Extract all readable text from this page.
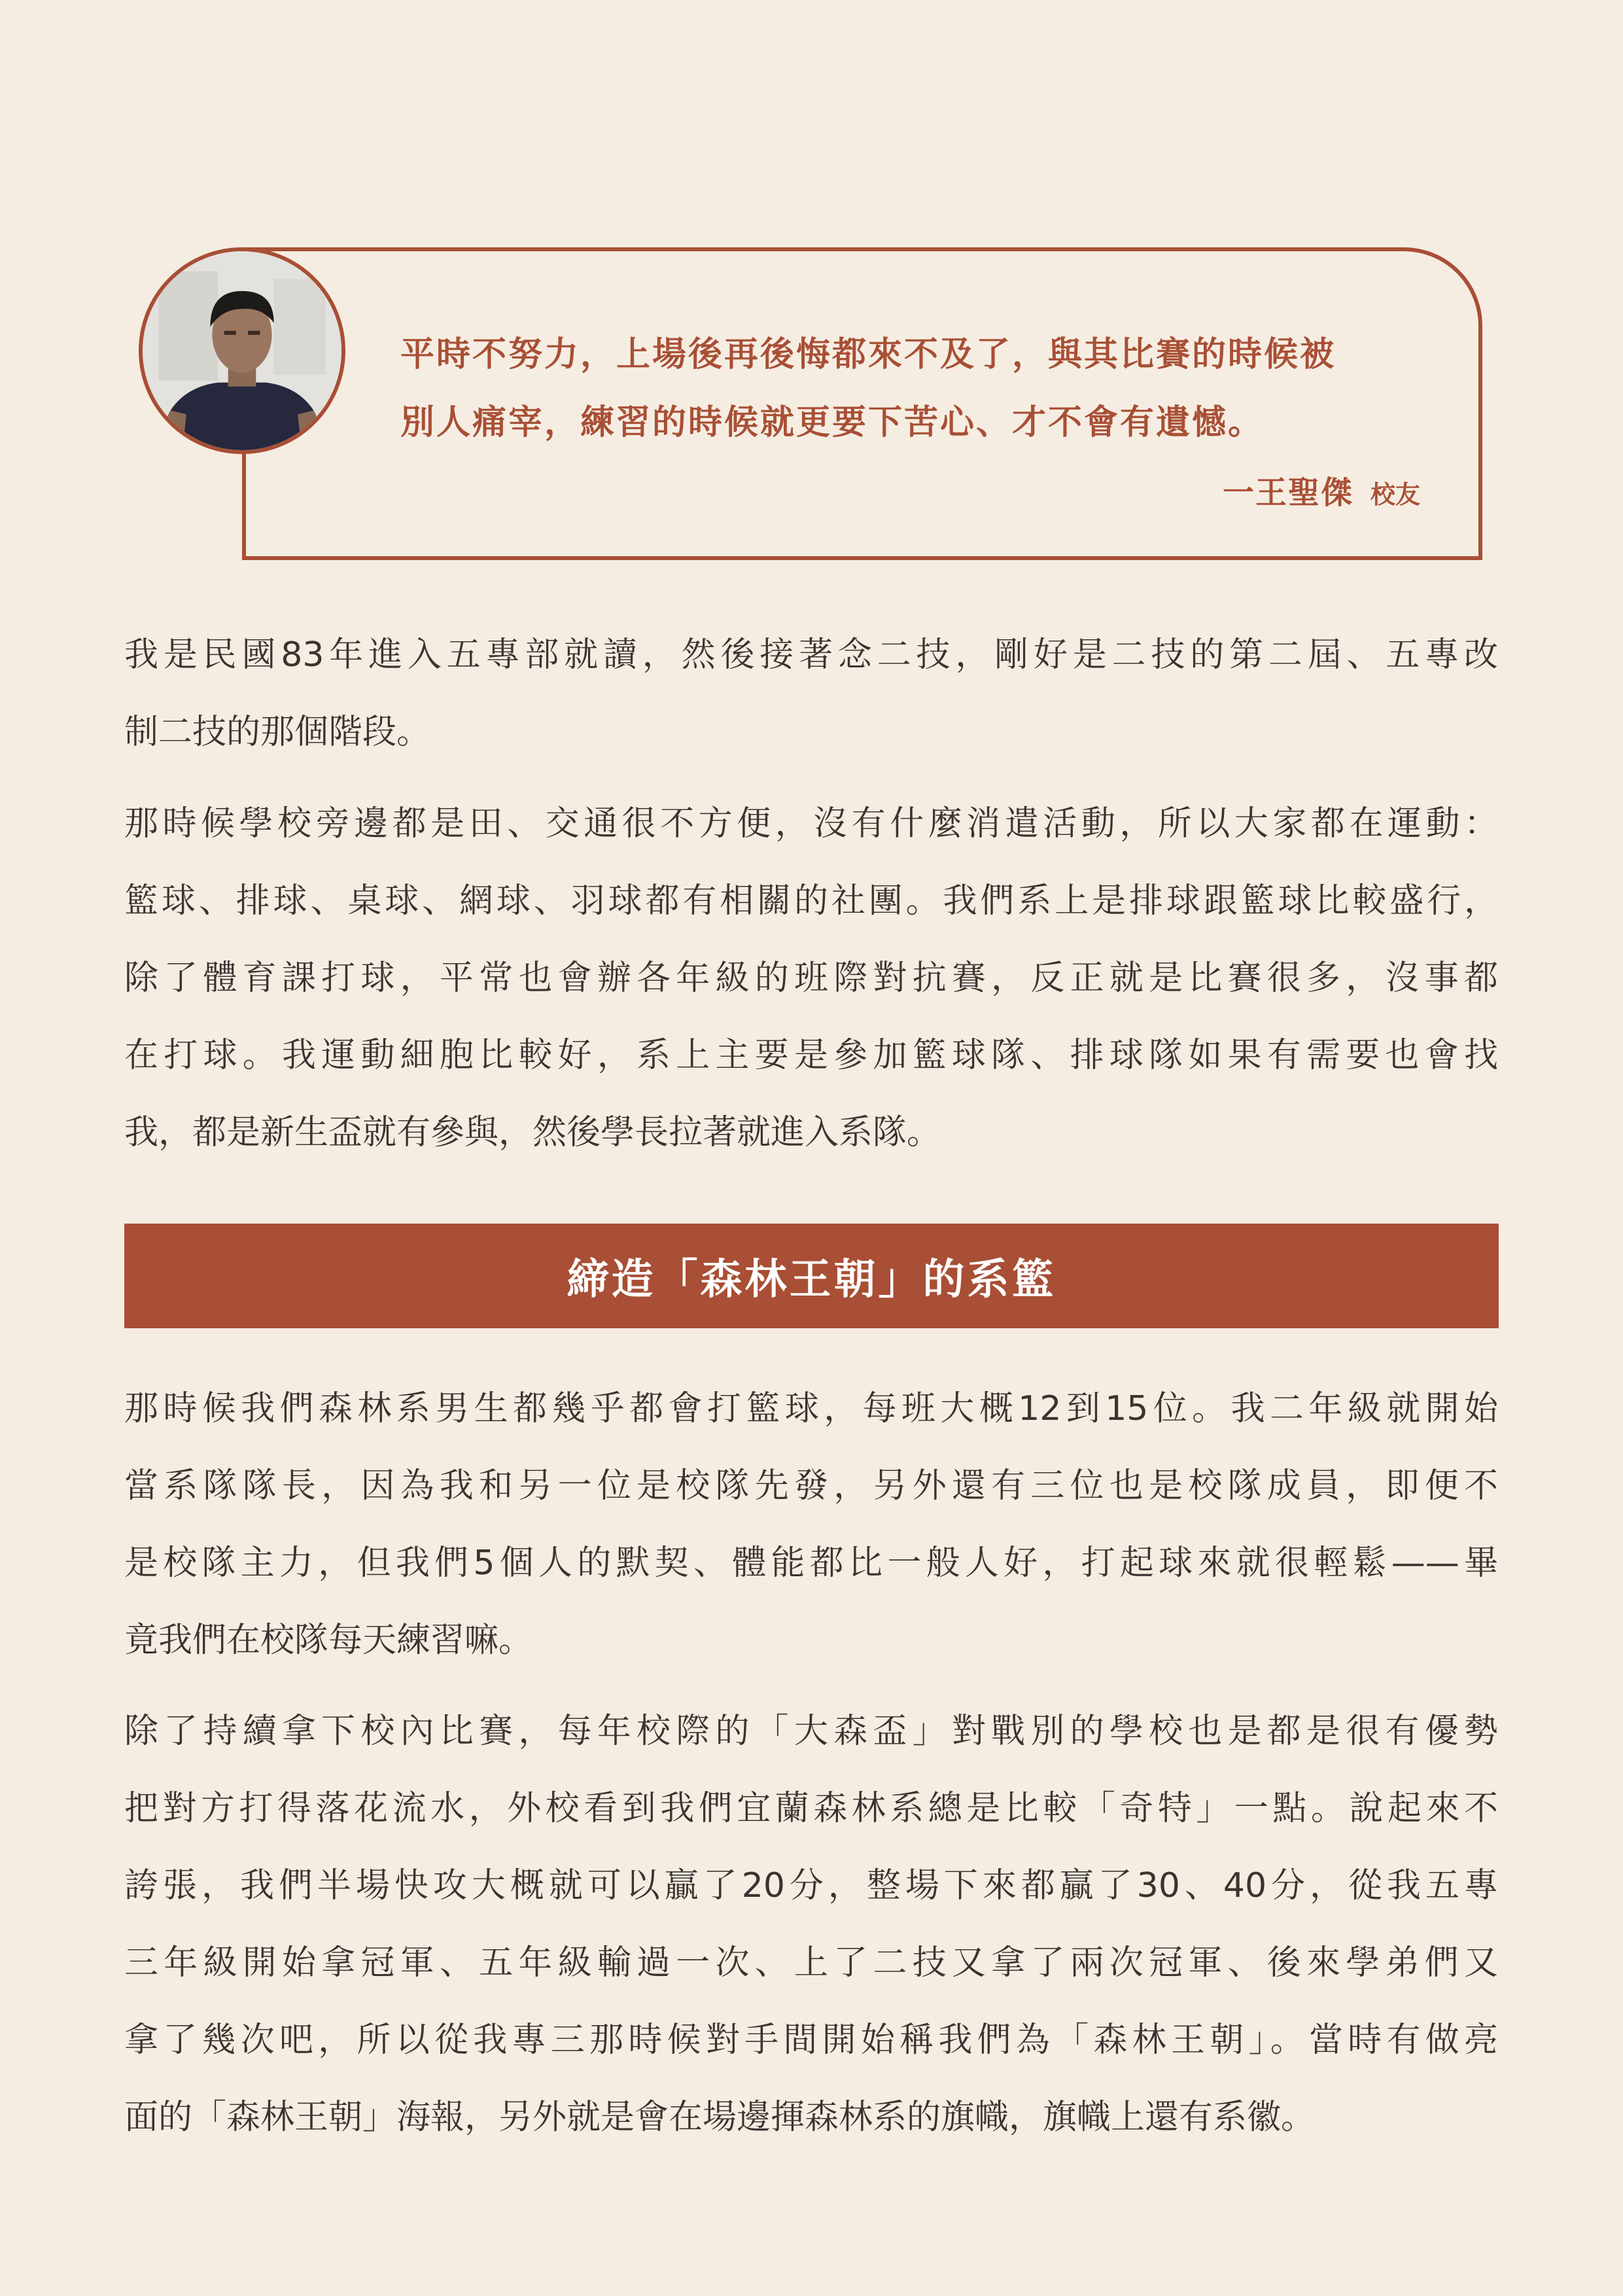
平時不努力，上場後再後悔都來不及了，與其比賽的時候被

別人痛宰，練習的時候就更要下苦心、才不會有遺憾。

一王聖傑 校友
我是民國83年進入五專部就讀，然後接著念二技，剛好是二技的第二屆、五專改
制二技的那個階段。
那時候學校旁邊都是田、交通很不方便，沒有什麼消遣活動，所以大家都在運動：
籃球、排球、桌球、網球、羽球都有相關的社團。我們系上是排球跟籃球比較盛行，
除了體育課打球，平常也會辦各年級的班際對抗賽，反正就是比賽很多，沒事都
在打球。我運動細胞比較好，系上主要是參加籃球隊、排球隊如果有需要也會找
我，都是新生盃就有參與，然後學長拉著就進入系隊。
締造「森林王朝」的系籃
那時候我們森林系男生都幾乎都會打籃球，每班大概12到15位。我二年級就開始
當系隊隊長，因為我和另一位是校隊先發，另外還有三位也是校隊成員，即便不
是校隊主力，但我們5個人的默契、體能都比一般人好，打起球來就很輕鬆——畢
竟我們在校隊每天練習嘛。
除了持續拿下校內比賽，每年校際的「大森盃」對戰別的學校也是都是很有優勢
把對方打得落花流水，外校看到我們宜蘭森林系總是比較「奇特」一點。說起來不
誇張，我們半場快攻大概就可以贏了20分，整場下來都贏了30、40分，從我五專
三年級開始拿冠軍、五年級輸過一次、上了二技又拿了兩次冠軍、後來學弟們又
拿了幾次吧，所以從我專三那時候對手間開始稱我們為「森林王朝」。當時有做亮
面的「森林王朝」海報，另外就是會在場邊揮森林系的旗幟，旗幟上還有系徽。
